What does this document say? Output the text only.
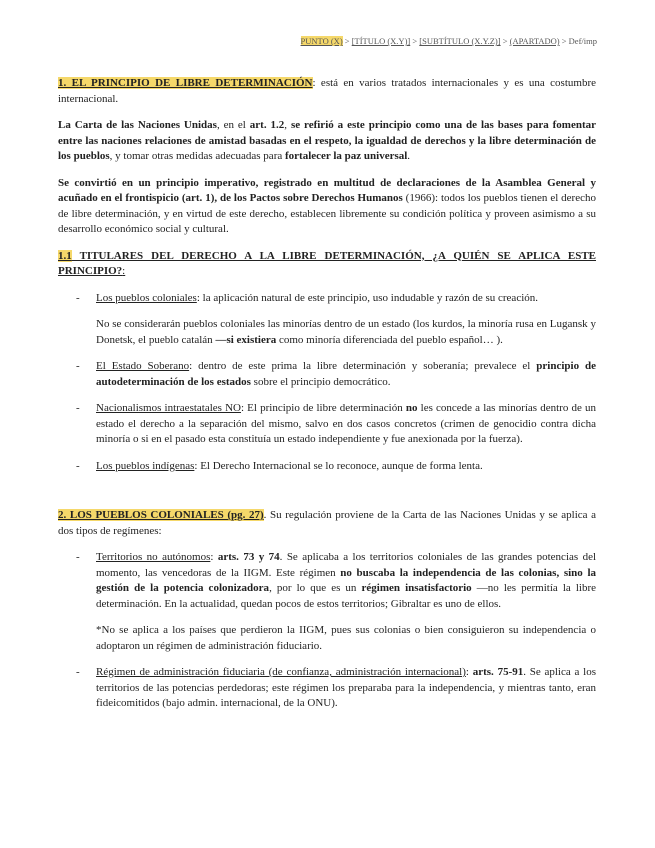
PUNTO (X) > [TÍTULO (X.Y)] > [SUBTÍTULO (X.Y.Z)] > (APARTADO) > Def/imp

1. EL PRINCIPIO DE LIBRE DETERMINACIÓN: está en varios tratados internacionales y es una costumbre internacional.

La Carta de las Naciones Unidas, en el art. 1.2, se refirió a este principio como una de las bases para fomentar entre las naciones relaciones de amistad basadas en el respeto, la igualdad de derechos y la libre determinación de los pueblos, y tomar otras medidas adecuadas para fortalecer la paz universal.

Se convirtió en un principio imperativo, registrado en multitud de declaraciones de la Asamblea General y acuñado en el frontispicio (art. 1), de los Pactos sobre Derechos Humanos (1966): todos los pueblos tienen el derecho de libre determinación, y en virtud de este derecho, establecen libremente su condición política y proveen asimismo a su desarrollo económico social y cultural.

1.1 TITULARES DEL DERECHO A LA LIBRE DETERMINACIÓN, ¿A QUIÉN SE APLICA ESTE PRINCIPIO?:

- Los pueblos coloniales: la aplicación natural de este principio, uso indudable y razón de su creación.

No se considerarán pueblos coloniales las minorías dentro de un estado (los kurdos, la minoría rusa en Lugansk y Donetsk, el pueblo catalán —si existiera como minoría diferenciada del pueblo español… ).

- El Estado Soberano: dentro de este prima la libre determinación y soberanía; prevalece el principio de autodeterminación de los estados sobre el principio democrático.

- Nacionalismos intraestatales NO: El principio de libre determinación no les concede a las minorías dentro de un estado el derecho a la separación del mismo, salvo en dos casos concretos (crimen de genocidio contra dicha minoría o si en el pasado esta constituía un estado independiente y fue anexionada por la fuerza).

- Los pueblos indígenas: El Derecho Internacional se lo reconoce, aunque de forma lenta.

2. LOS PUEBLOS COLONIALES (pg. 27). Su regulación proviene de la Carta de las Naciones Unidas y se aplica a dos tipos de regímenes:

- Territorios no autónomos: arts. 73 y 74. Se aplicaba a los territorios coloniales de las grandes potencias del momento, las vencedoras de la IIGM. Este régimen no buscaba la independencia de las colonias, sino la gestión de la potencia colonizadora, por lo que es un régimen insatisfactorio —no les permitía la libre determinación. En la actualidad, quedan pocos de estos territorios; Gibraltar es uno de ellos.

*No se aplica a los países que perdieron la IIGM, pues sus colonias o bien consiguieron su independencia o adoptaron un régimen de administración fiduciario.

- Régimen de administración fiduciaria (de confianza, administración internacional): arts. 75-91. Se aplica a los territorios de las potencias perdedoras; este régimen los preparaba para la independencia, y mientras tanto, eran fideicomitidos (bajo admin. internacional, de la ONU).
